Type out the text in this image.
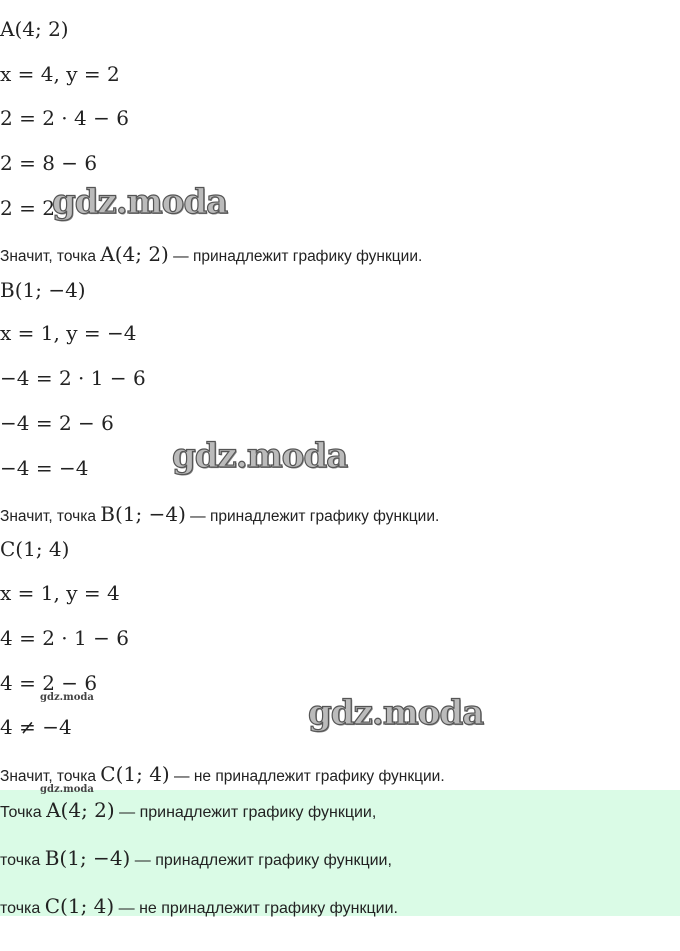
A(4; 2)
x = 4, y = 2
2 = 2 · 4 − 6
2 = 8 − 6
2 = 2
Значит, точка A(4; 2) — принадлежит графику функции.
B(1; −4)
x = 1, y = −4
−4 = 2 · 1 − 6
−4 = 2 − 6
−4 = −4
Значит, точка B(1; −4) — принадлежит графику функции.
C(1; 4)
x = 1, y = 4
4 = 2 · 1 − 6
4 = 2 − 6
4 ≠ −4
Значит, точка C(1; 4) — не принадлежит графику функции.
Точка A(4; 2) — принадлежит графику функции,
точка B(1; −4) — принадлежит графику функции,
точка C(1; 4) — не принадлежит графику функции.
gdz.moda
gdz.moda
gdz.moda
gdz.moda
gdz.moda
